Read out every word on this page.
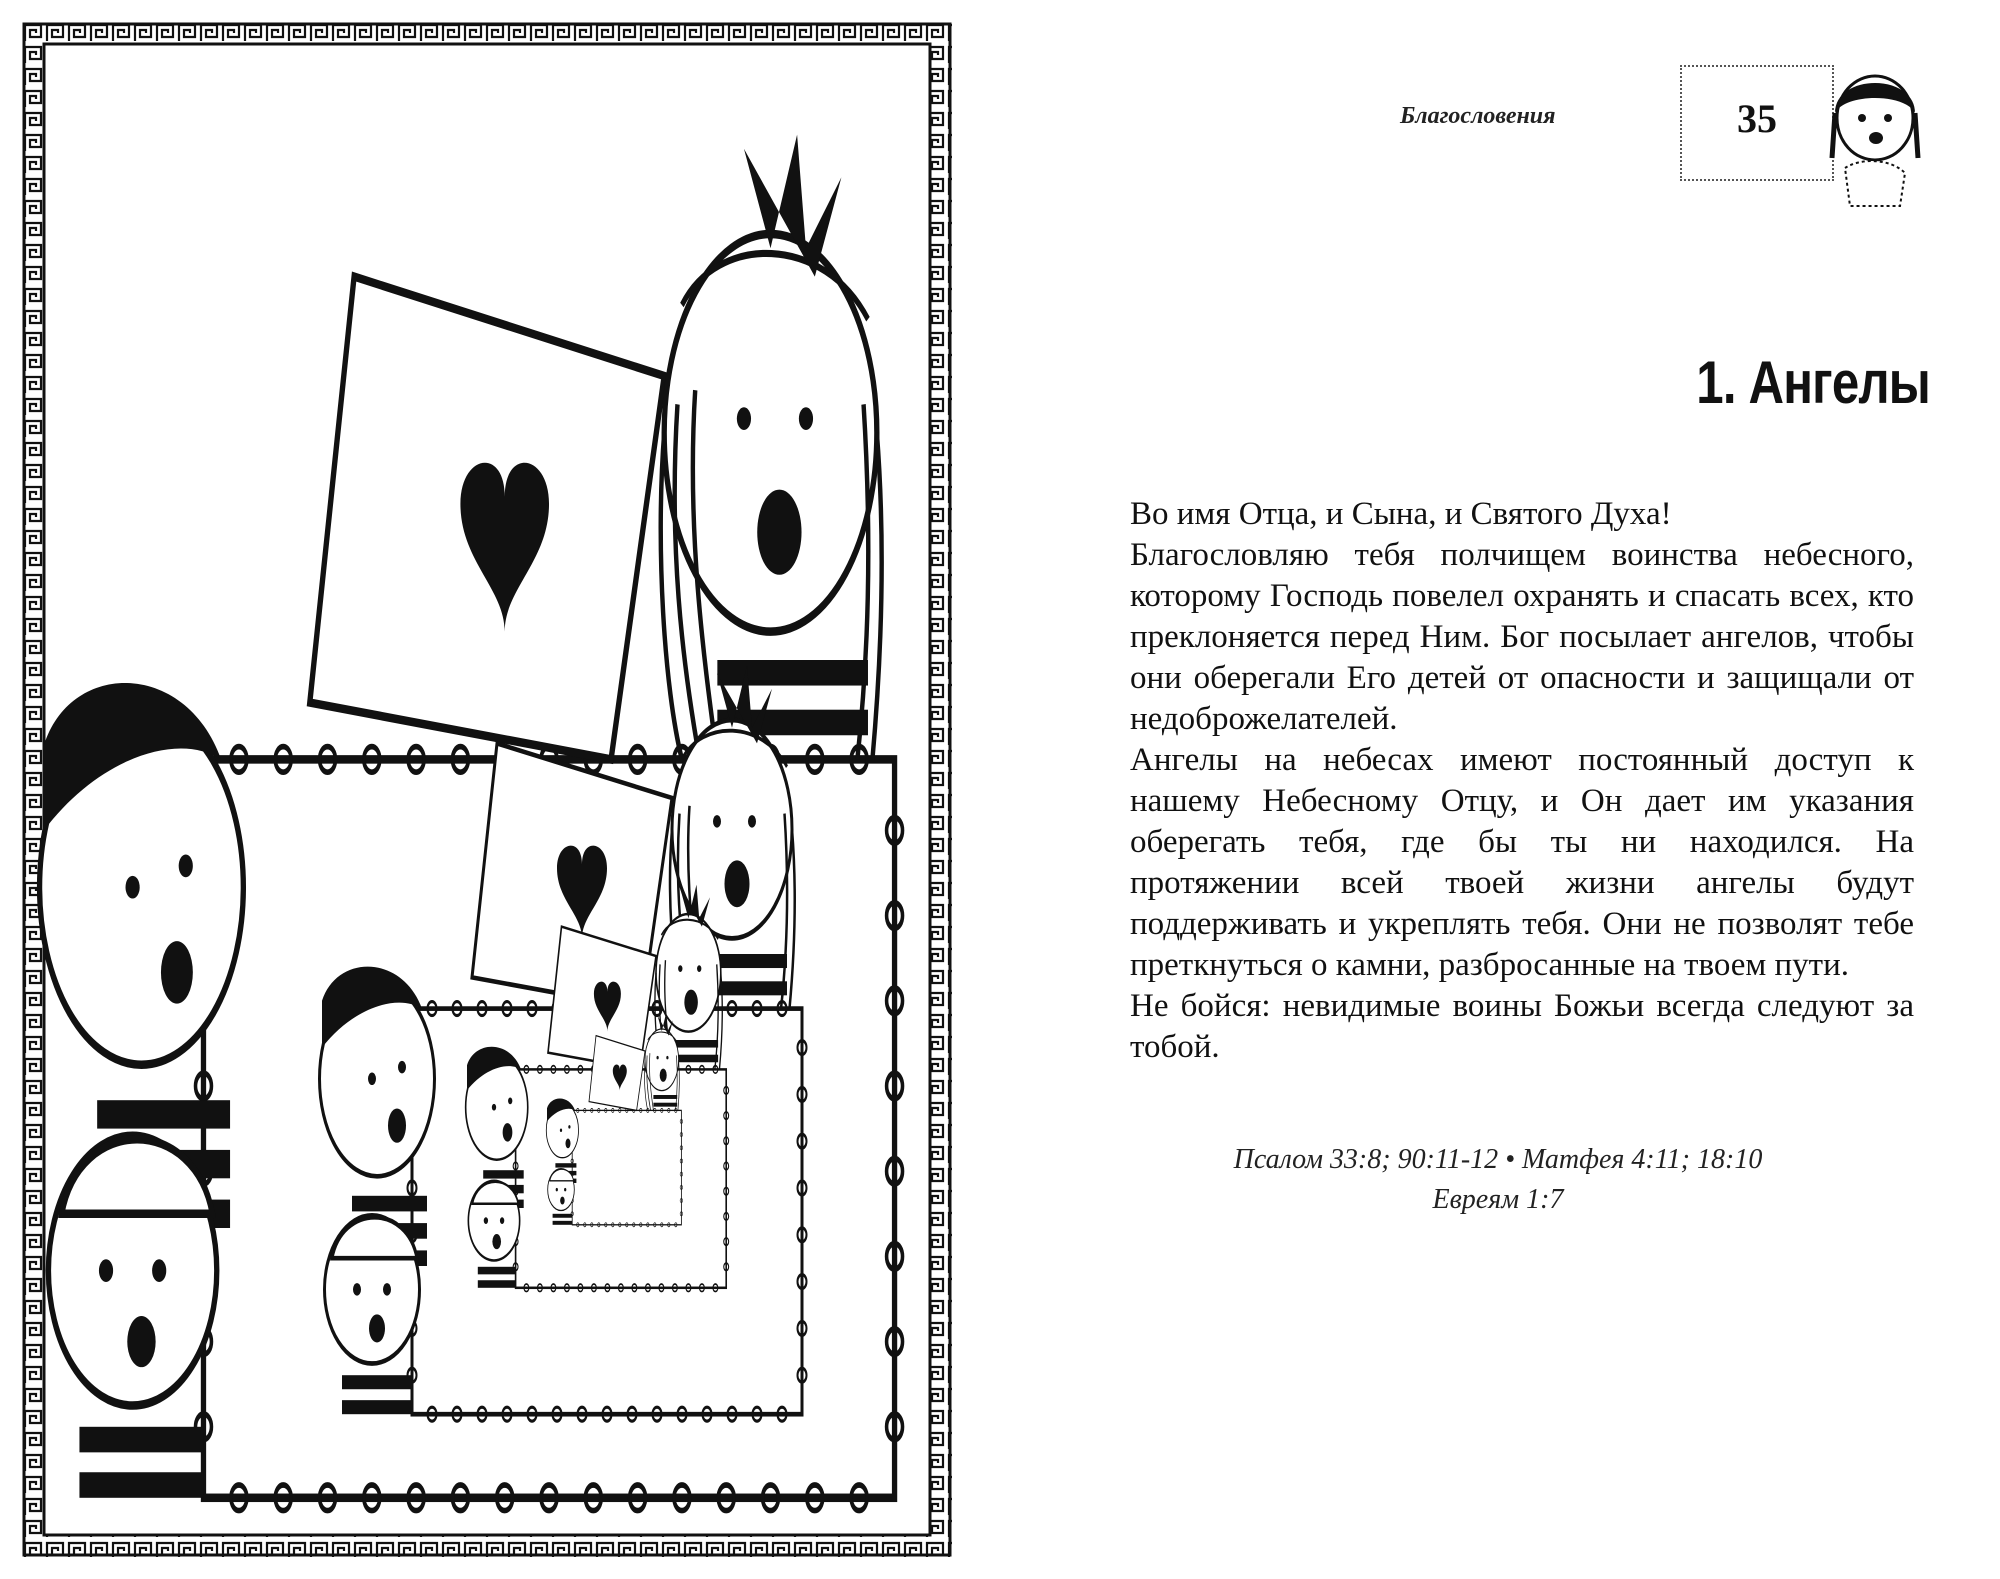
Благословения	35
1. Ангелы

Во имя Отца, и Сына, и Святого Духа!

Благословляю тебя полчищем воинства небесного, которому Господь повелел охранять и спасать всех, кто преклоняется перед Ним. Бог посылает ангелов, чтобы они оберегали Его детей от опасности и защищали от недоброжелателей.

Ангелы на небесах имеют постоянный доступ к нашему Небесному Отцу, и Он дает им указания оберегать тебя, где бы ты ни находился. На протяжении всей твоей жизни ангелы будут поддерживать и укреплять тебя. Они не позволят тебе преткнуться о камни, разбросанные на твоем пути.

Не бойся: невидимые воины Божьи всегда следуют за тобой.

Псалом 33:8; 90:11-12 • Матфея 4:11; 18:10
Евреям 1:7
